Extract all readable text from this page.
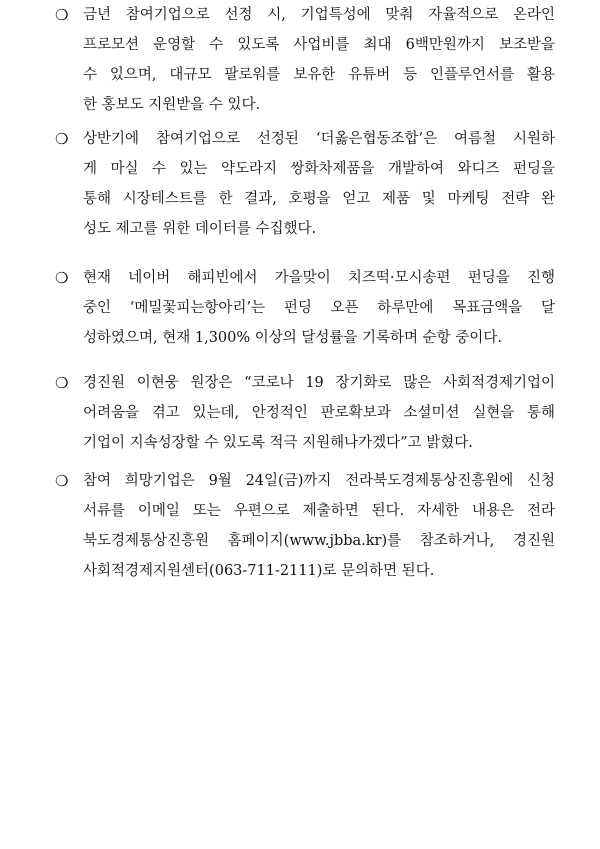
❍ 금년 참여기업으로 선정 시, 기업특성에 맞춰 자율적으로 온라인
프로모션 운영할 수 있도록 사업비를 최대 6백만원까지 보조받을
수 있으며, 대규모 팔로워를 보유한 유튜버 등 인플루언서를 활용
한 홍보도 지원받을 수 있다.
❍ 상반기에 참여기업으로 선정된 ‘더옳은협동조합’은 여름철 시원하
게 마실 수 있는 약도라지 쌍화차제품을 개발하여 와디즈 펀딩을
통해 시장테스트를 한 결과, 호평을 얻고 제품 및 마케팅 전략 완
성도 제고를 위한 데이터를 수집했다.
❍ 현재 네이버 해피빈에서 가을맞이 치즈떡·모시송편 펀딩을 진행
중인 ‘메밀꽃피는항아리’는 펀딩 오픈 하루만에 목표금액을 달
성하였으며, 현재 1,300% 이상의 달성률을 기록하며 순항 중이다.
❍ 경진원 이현웅 원장은 “코로나 19 장기화로 많은 사회적경제기업이
어려움을 겪고 있는데, 안정적인 판로확보과 소셜미션 실현을 통해
기업이 지속성장할 수 있도록 적극 지원해나가겠다”고 밝혔다.
❍ 참여 희망기업은 9월 24일(금)까지 전라북도경제통상진흥원에 신청
서류를 이메일 또는 우편으로 제출하면 된다. 자세한 내용은 전라
북도경제통상진흥원 홈페이지(www.jbba.kr)를 참조하거나, 경진원
사회적경제지원센터(063-711-2111)로 문의하면 된다.
